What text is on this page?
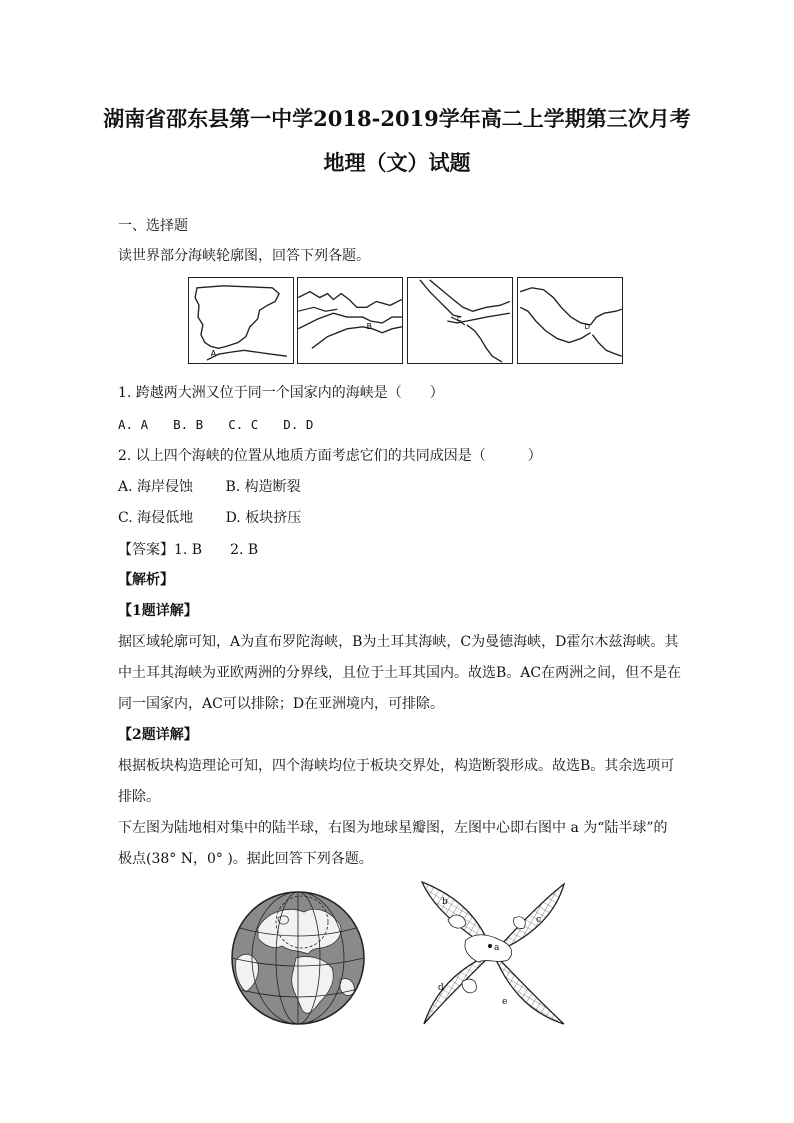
湖南省邵东县第一中学2018-2019学年高二上学期第三次月考
地理（文）试题
一、选择题
读世界部分海峡轮廓图，回答下列各题。
A
B
C
D
1. 跨越两大洲又位于同一个国家内的海峡是（　　）
A. A　　B. B　　C. C　　D. D
2. 以上四个海峡的位置从地质方面考虑它们的共同成因是（　　　）
A. 海岸侵蚀　　 B. 构造断裂
C. 海侵低地　　 D. 板块挤压
【答案】1. B　　2. B
【解析】
【1题详解】
据区域轮廓可知，A为直布罗陀海峡，B为土耳其海峡，C为曼德海峡，D霍尔木兹海峡。其
中土耳其海峡为亚欧两洲的分界线，且位于土耳其国内。故选B。AC在两洲之间，但不是在
同一国家内，AC可以排除；D在亚洲境内，可排除。
【2题详解】
根据板块构造理论可知，四个海峡均位于板块交界处，构造断裂形成。故选B。其余选项可
排除。
下左图为陆地相对集中的陆半球，右图为地球星瓣图，左图中心即右图中 a 为“陆半球”的
极点(38° N，0° )。据此回答下列各题。
a
b
c
d
e
